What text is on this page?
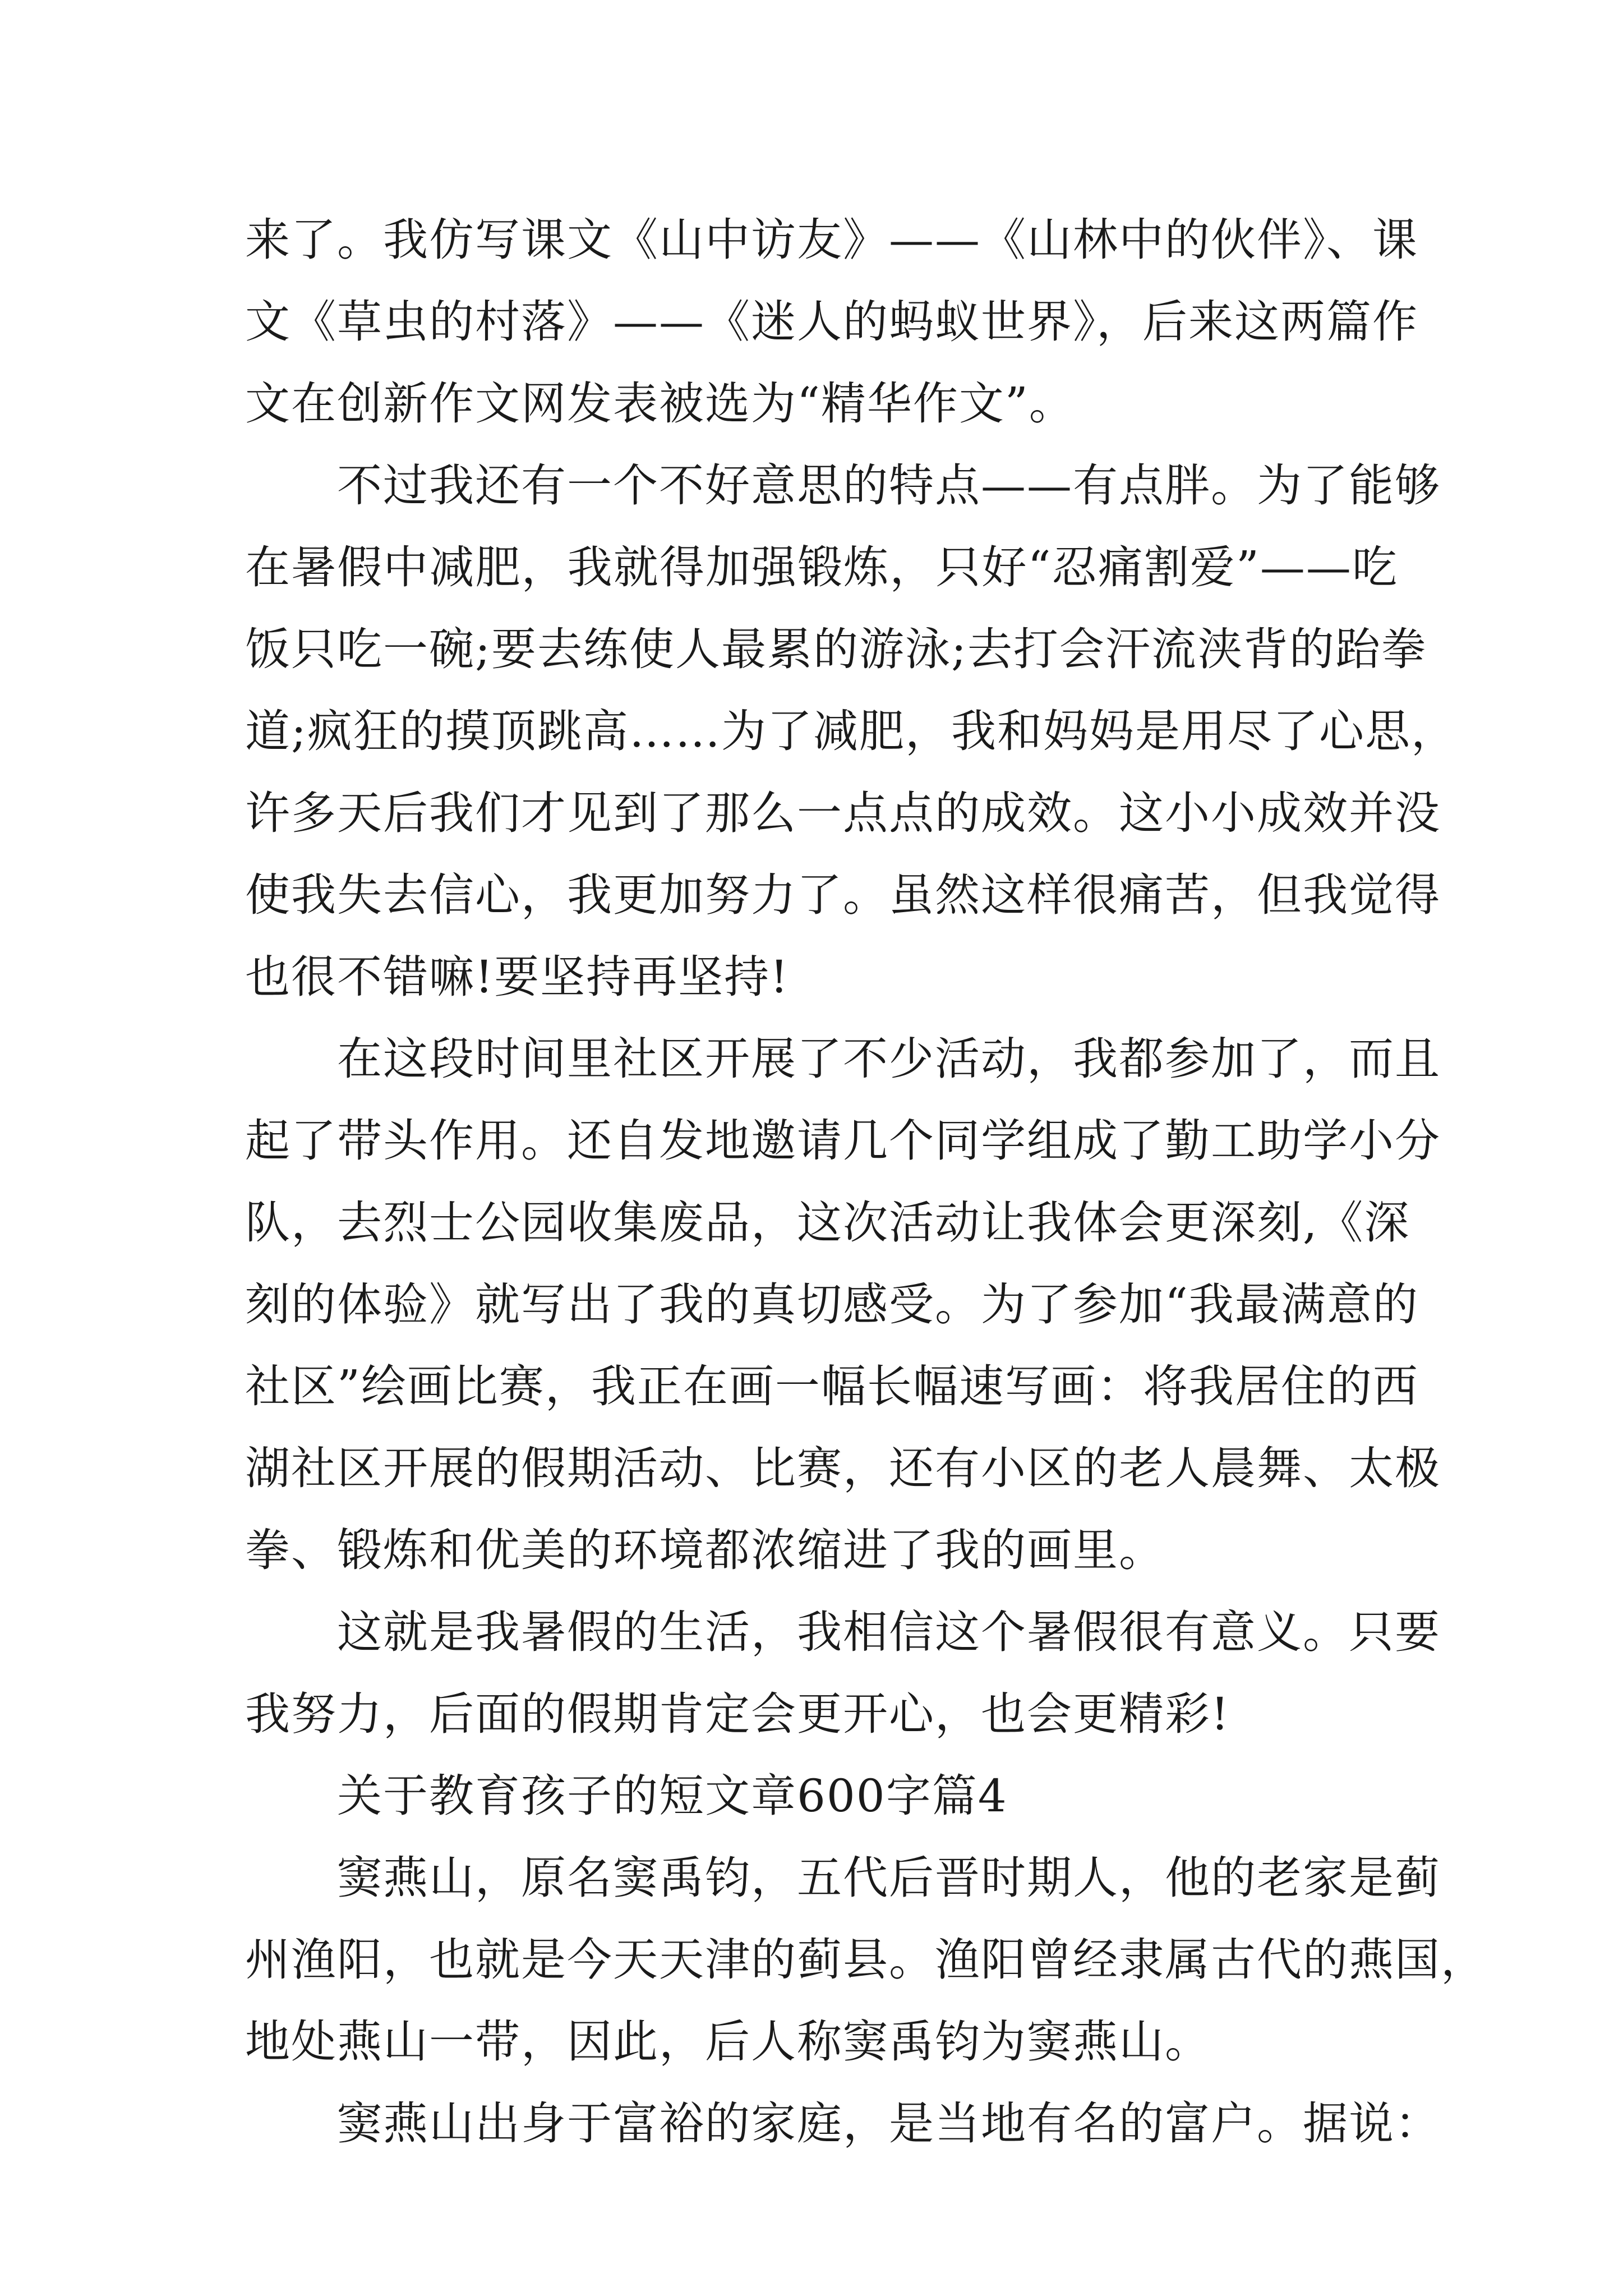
来了。我仿写课文《山中访友》——《山林中的伙伴》、课
文《草虫的村落》——《迷人的蚂蚁世界》，后来这两篇作
文在创新作文网发表被选为“精华作文”。
不过我还有一个不好意思的特点——有点胖。为了能够
在暑假中减肥，我就得加强锻炼，只好“忍痛割爱”——吃
饭只吃一碗;要去练使人最累的游泳;去打会汗流浃背的跆拳
道;疯狂的摸顶跳高……为了减肥，我和妈妈是用尽了心思，
许多天后我们才见到了那么一点点的成效。这小小成效并没
使我失去信心，我更加努力了。虽然这样很痛苦，但我觉得
也很不错嘛!要坚持再坚持!
在这段时间里社区开展了不少活动，我都参加了，而且
起了带头作用。还自发地邀请几个同学组成了勤工助学小分
队，去烈士公园收集废品，这次活动让我体会更深刻,《深
刻的体验》就写出了我的真切感受。为了参加“我最满意的
社区”绘画比赛，我正在画一幅长幅速写画：将我居住的西
湖社区开展的假期活动、比赛，还有小区的老人晨舞、太极
拳、锻炼和优美的环境都浓缩进了我的画里。
这就是我暑假的生活，我相信这个暑假很有意义。只要
我努力，后面的假期肯定会更开心，也会更精彩!
关于教育孩子的短文章600字篇4
窦燕山，原名窦禹钧，五代后晋时期人，他的老家是蓟
州渔阳，也就是今天天津的蓟县。渔阳曾经隶属古代的燕国，
地处燕山一带，因此，后人称窦禹钧为窦燕山。
窦燕山出身于富裕的家庭，是当地有名的富户。据说：
